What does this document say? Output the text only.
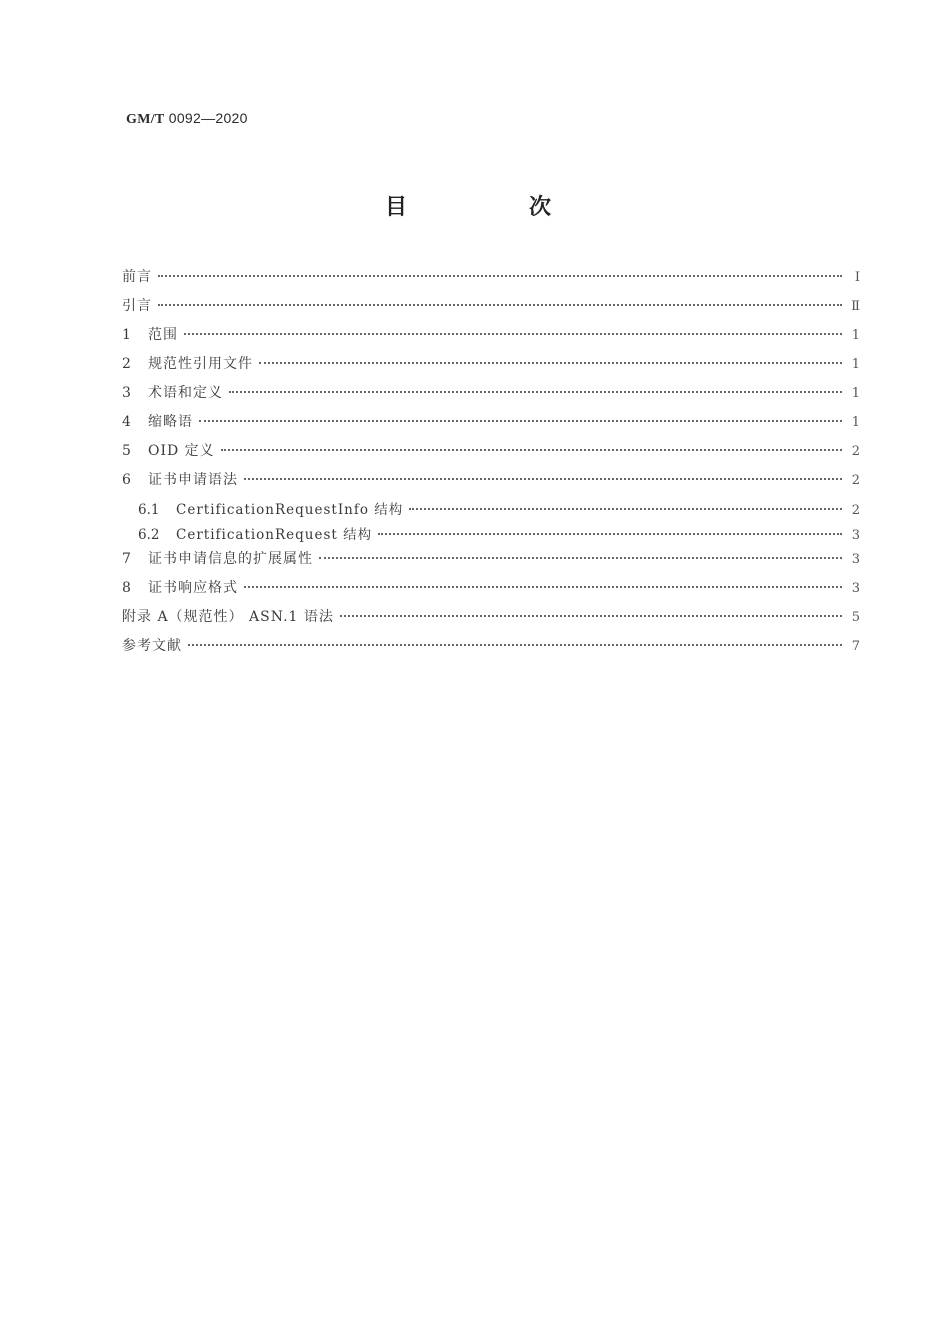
GM/T 0092—2020
目　次
前言	Ⅰ
引言	Ⅱ
1	范围	1
2	规范性引用文件	1
3	术语和定义	1
4	缩略语	1
5	OID 定义	2
6	证书申请语法	2
6.1	CertificationRequestInfo 结构	2
6.2	CertificationRequest 结构	3
7	证书申请信息的扩展属性	3
8	证书响应格式	3
附录 A（规范性） ASN.1 语法	5
参考文献	7
